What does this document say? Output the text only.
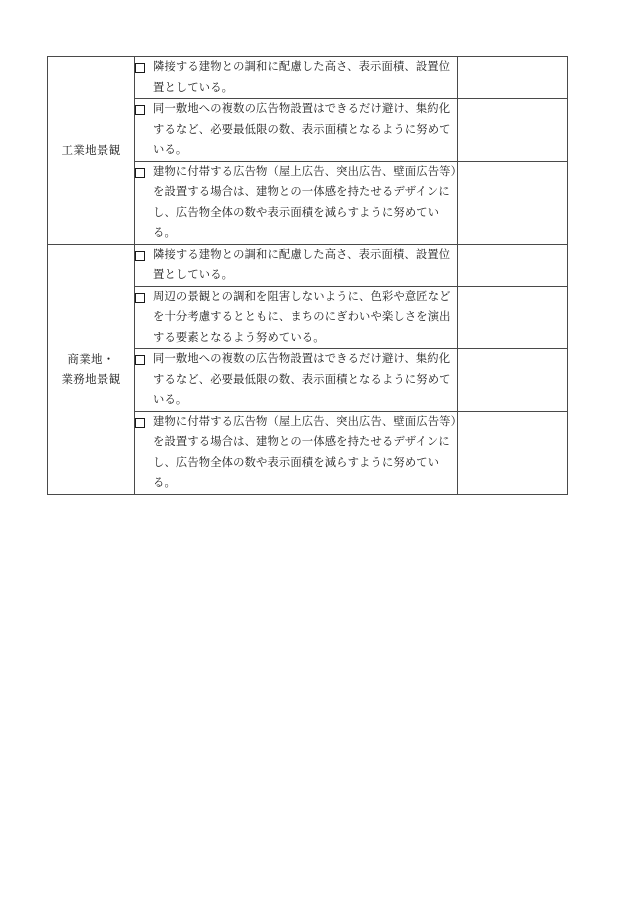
工業地景観	隣接する建物との調和に配慮した高さ、表示面積、設置位置としている。	

	同一敷地への複数の広告物設置はできるだけ避け、集約化するなど、必要最低限の数、表示面積となるように努めている。	

	建物に付帯する広告物（屋上広告、突出広告、壁面広告等）を設置する場合は、建物との一体感を持たせるデザインにし、広告物全体の数や表示面積を減らすように努めている。	

商業地・
業務地景観	隣接する建物との調和に配慮した高さ、表示面積、設置位置としている。	

	周辺の景観との調和を阻害しないように、色彩や意匠などを十分考慮するとともに、まちのにぎわいや楽しさを演出する要素となるよう努めている。	

	同一敷地への複数の広告物設置はできるだけ避け、集約化するなど、必要最低限の数、表示面積となるように努めている。	

	建物に付帯する広告物（屋上広告、突出広告、壁面広告等）を設置する場合は、建物との一体感を持たせるデザインにし、広告物全体の数や表示面積を減らすように努めている。	
